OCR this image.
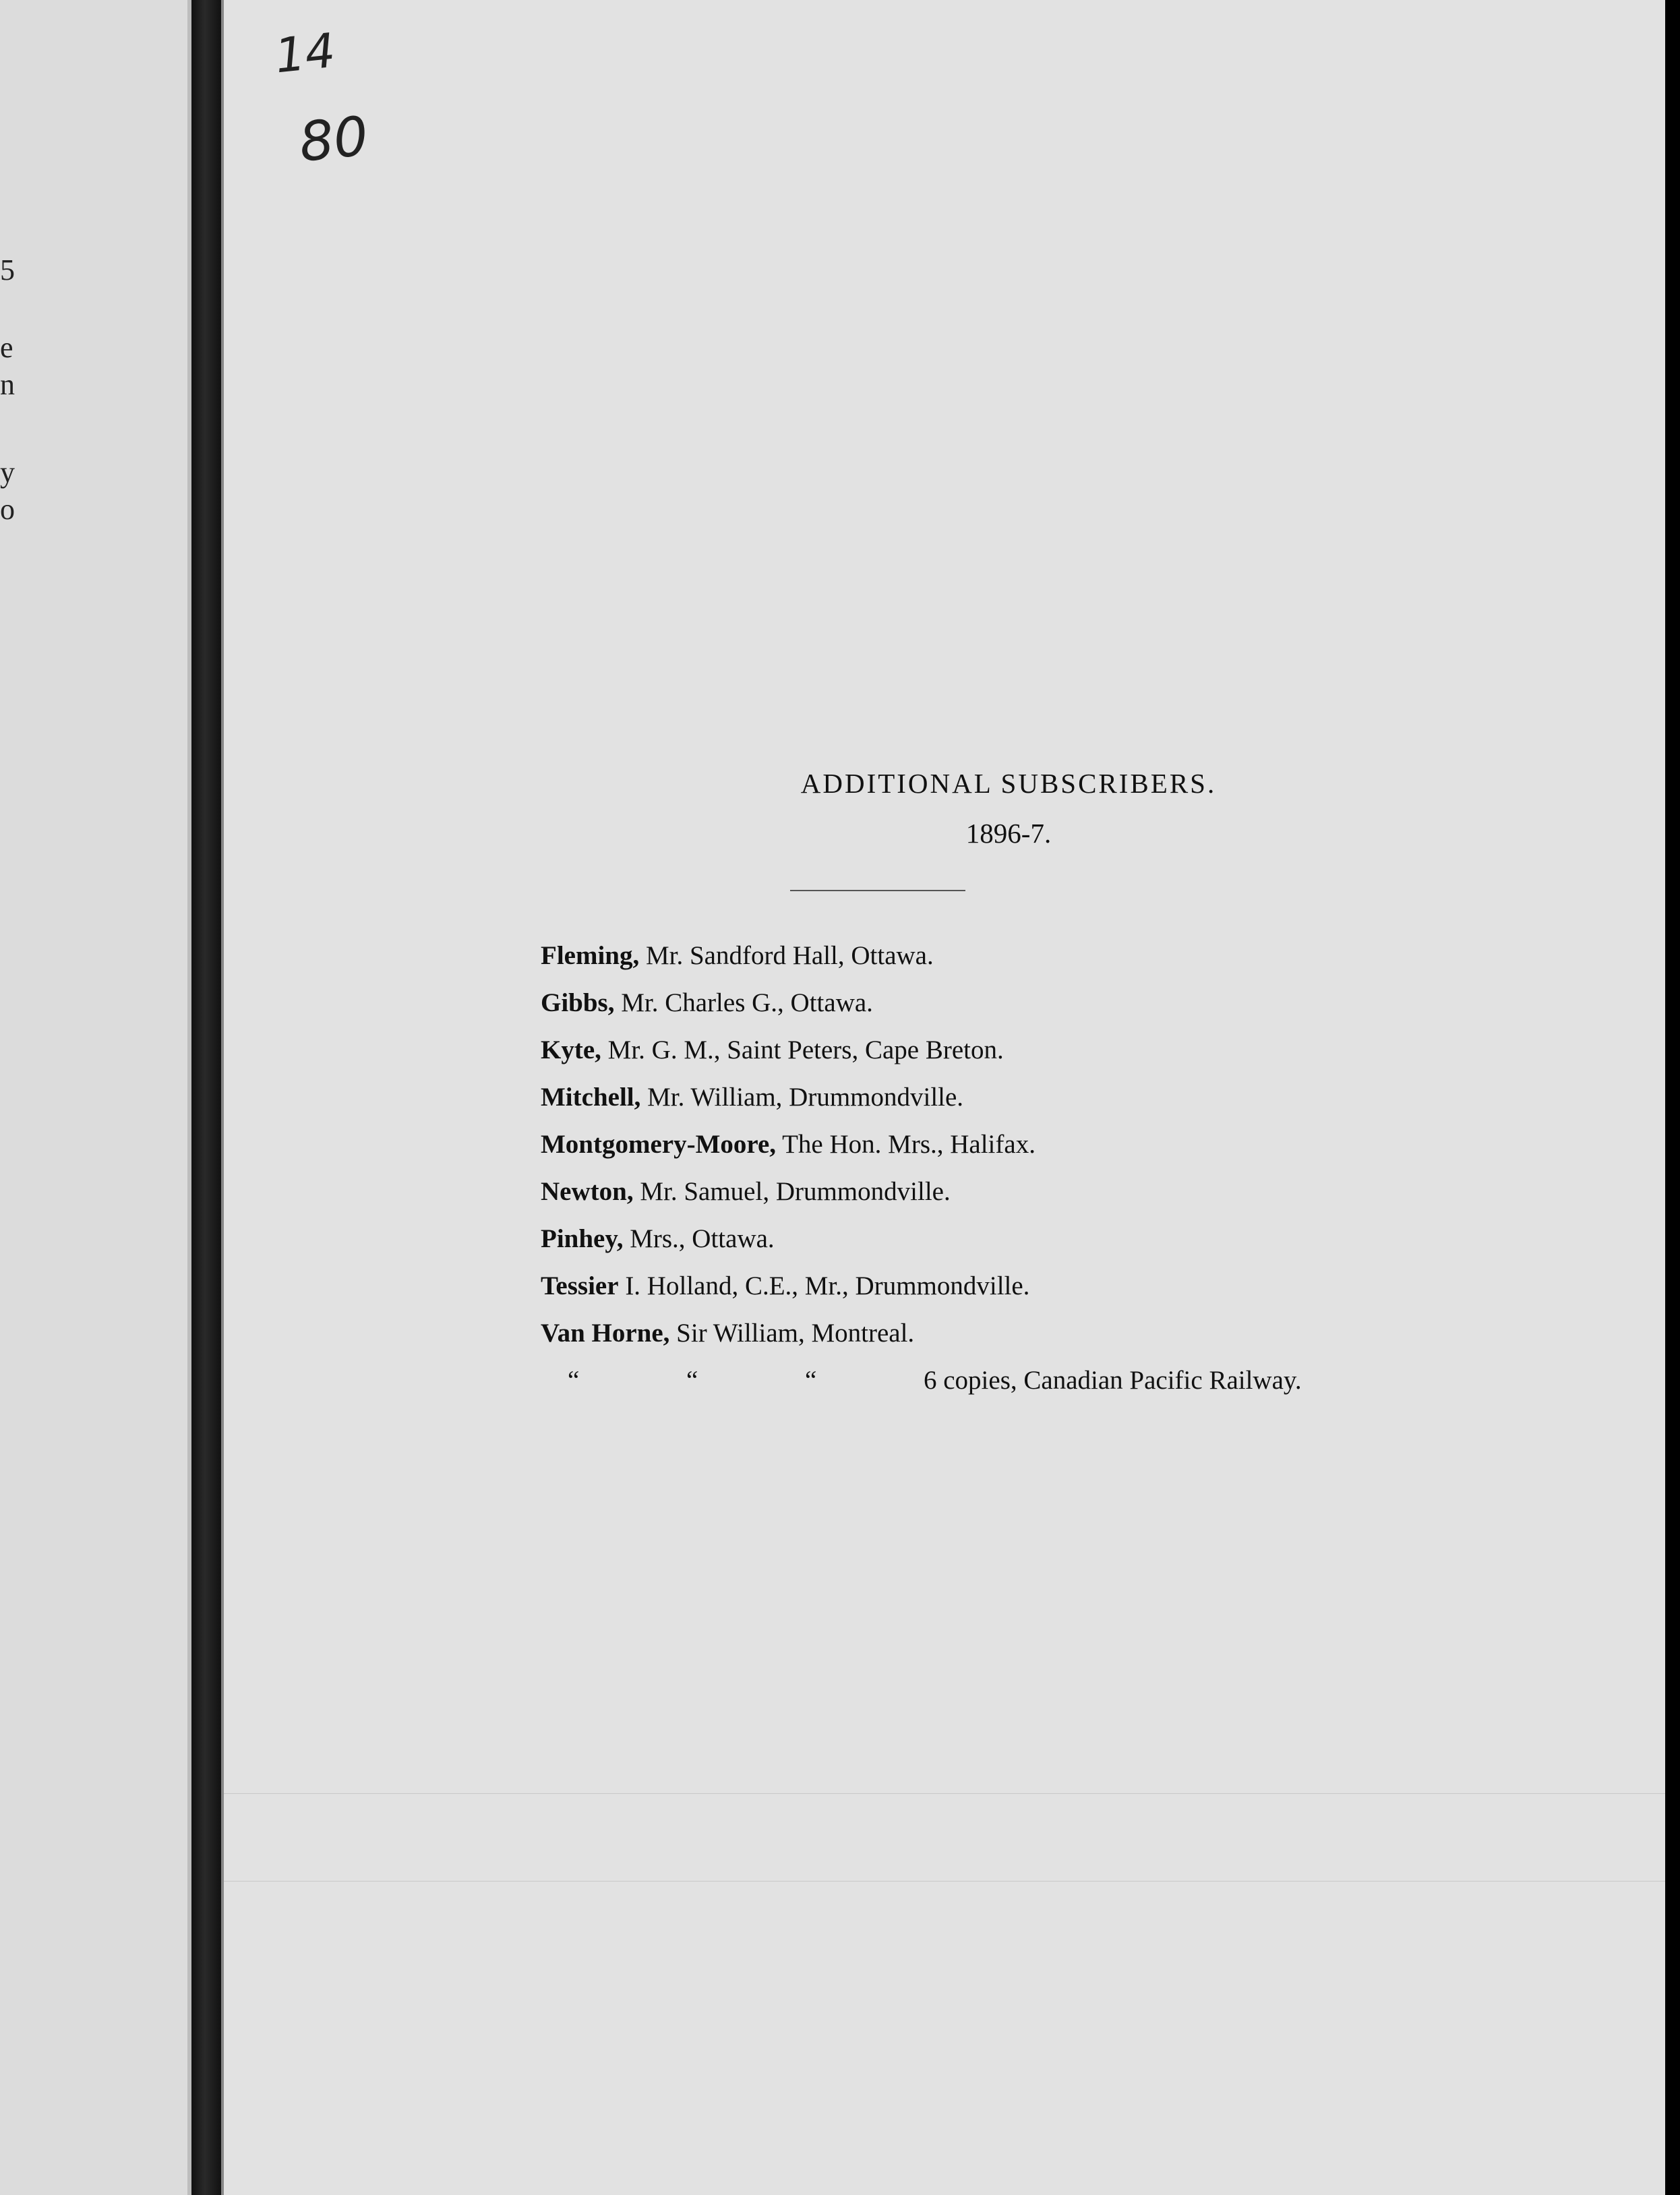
5
e
n
y
o
14
80
ADDITIONAL SUBSCRIBERS.
1896-7.
Fleming, Mr. Sandford Hall, Ottawa.
Gibbs, Mr. Charles G., Ottawa.
Kyte, Mr. G. M., Saint Peters, Cape Breton.
Mitchell, Mr. William, Drummondville.
Montgomery-Moore, The Hon. Mrs., Halifax.
Newton, Mr. Samuel, Drummondville.
Pinhey, Mrs., Ottawa.
Tessier I. Holland, C.E., Mr., Drummondville.
Van Horne, Sir William, Montreal.
“	“	“	6 copies, Canadian Pacific Railway.
